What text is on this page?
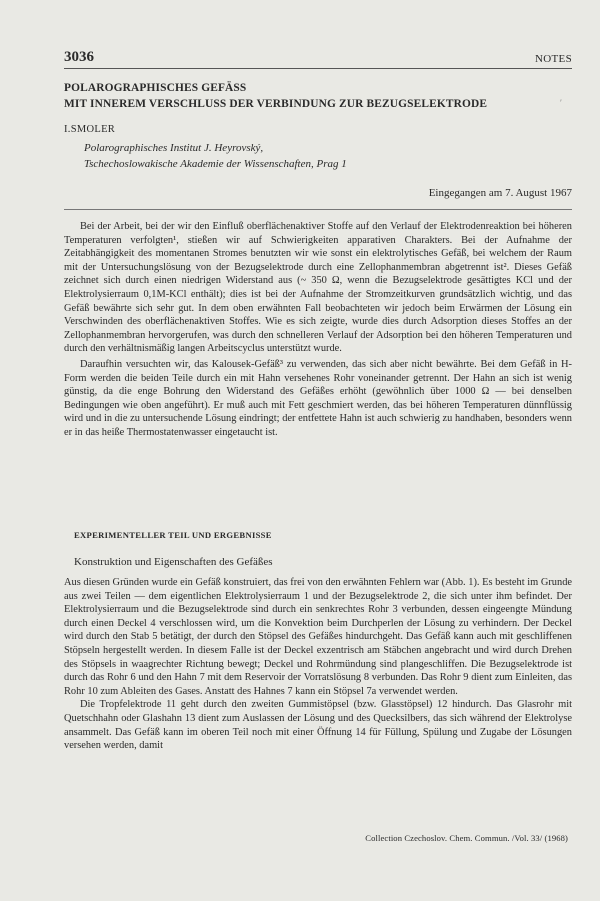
3036	NOTES
POLAROGRAPHISCHES GEFÄSS
MIT INNEREM VERSCHLUSS DER VERBINDUNG ZUR BEZUGSELEKTRODE	′
I.SMOLER
Polarographisches Institut J. Heyrovský,
Tschechoslowakische Akademie der Wissenschaften, Prag 1
Eingegangen am 7. August 1967

Bei der Arbeit, bei der wir den Einfluß oberflächenaktiver Stoffe auf den Verlauf der Elektrodenreaktion bei höheren Temperaturen verfolgten¹, stießen wir auf Schwierigkeiten apparativen Charakters. Bei der Aufnahme der Zeitabhängigkeit des momentanen Stromes benutzten wir wie sonst ein elektrolytisches Gefäß, bei welchem der Raum mit der Untersuchungslösung von der Bezugselektrode durch eine Zellophanmembran abgetrennt ist². Dieses Gefäß zeichnet sich durch einen niedrigen Widerstand aus (~ 350 Ω, wenn die Bezugselektrode gesättigtes KCl und der Elektrolysierraum 0,1M-KCl enthält); dies ist bei der Aufnahme der Stromzeitkurven grundsätzlich wichtig, und das Gefäß bewährte sich sehr gut. In dem oben erwähnten Fall beobachteten wir jedoch beim Erwärmen der Lösung ein Verschwinden des oberflächenaktiven Stoffes. Wie es sich zeigte, wurde dies durch Adsorption dieses Stoffes an der Zellophanmembran hervorgerufen, was durch den schnelleren Verlauf der Adsorption bei den höheren Temperaturen und durch den verhältnismäßig langen Arbeitscyclus unterstützt wurde.

Daraufhin versuchten wir, das Kalousek-Gefäß³ zu verwenden, das sich aber nicht bewährte. Bei dem Gefäß in H-Form werden die beiden Teile durch ein mit Hahn versehenes Rohr voneinander getrennt. Der Hahn an sich ist wenig günstig, da die enge Bohrung den Widerstand des Gefäßes erhöht (gewöhnlich über 1000 Ω — bei denselben Bedingungen wie oben angeführt). Er muß auch mit Fett geschmiert werden, das bei höheren Temperaturen dünnflüssig wird und in die zu untersuchende Lösung eindringt; der entfettete Hahn ist auch schwierig zu handhaben, besonders wenn er in das heiße Thermostatenwasser eingetaucht ist.

EXPERIMENTELLER TEIL UND ERGEBNISSE
Konstruktion und Eigenschaften des Gefäßes

Aus diesen Gründen wurde ein Gefäß konstruiert, das frei von den erwähnten Fehlern war (Abb. 1). Es besteht im Grunde aus zwei Teilen — dem eigentlichen Elektrolysierraum 1 und der Bezugselektrode 2, die sich unter ihm befindet. Der Elektrolysierraum und die Bezugselektrode sind durch ein senkrechtes Rohr 3 verbunden, dessen eingeengte Mündung durch einen Deckel 4 verschlossen wird, um die Konvektion beim Durchperlen der Lösung zu verhindern. Der Deckel wird durch den Stab 5 betätigt, der durch den Stöpsel des Gefäßes hindurchgeht. Das Gefäß kann auch mit geschliffenen Stöpseln hergestellt werden. In diesem Falle ist der Deckel exzentrisch am Stäbchen angebracht und wird durch Drehen des Stöpsels in waagrechter Richtung bewegt; Deckel und Rohrmündung sind plangeschliffen. Die Bezugselektrode ist durch das Rohr 6 und den Hahn 7 mit dem Reservoir der Vorratslösung 8 verbunden. Das Rohr 9 dient zum Einleiten, das Rohr 10 zum Ableiten des Gases. Anstatt des Hahnes 7 kann ein Stöpsel 7a verwendet werden.

Die Tropfelektrode 11 geht durch den zweiten Gummistöpsel (bzw. Glasstöpsel) 12 hindurch. Das Glasrohr mit Quetschhahn oder Glashahn 13 dient zum Auslassen der Lösung und des Quecksilbers, das sich während der Elektrolyse ansammelt. Das Gefäß kann im oberen Teil noch mit einer Öffnung 14 für Füllung, Spülung und Zugabe der Lösungen versehen werden, damit

Collection Czechoslov. Chem. Commun. /Vol. 33/ (1968)
